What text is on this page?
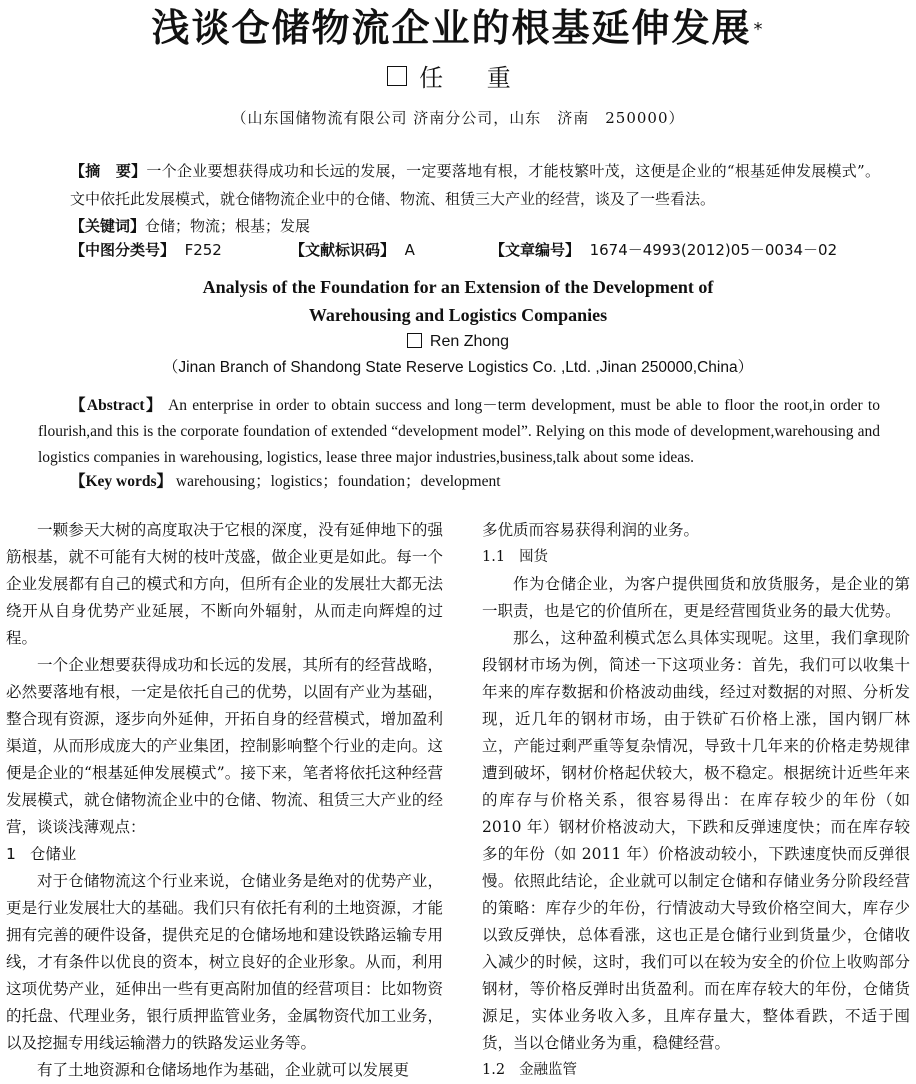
浅谈仓储物流企业的根基延伸发展 *
任 重
（山东国储物流有限公司 济南分公司，山东　济南　250000）
【摘　要】一个企业要想获得成功和长远的发展，一定要落地有根，才能枝繁叶茂，这便是企业的“根基延伸发展模式”。文中依托此发展模式，就仓储物流企业中的仓储、物流、租赁三大产业的经营，谈及了一些看法。
【关键词】仓储；物流；根基；发展
【中图分类号】 F252	【文献标识码】 A	【文章编号】 1674－4993(2012)05－0034－02
Analysis of the Foundation for an Extension of the Development of
Warehousing and Logistics Companies
Ren Zhong
（Jinan Branch of Shandong State Reserve Logistics Co. ,Ltd. ,Jinan 250000,China）
【Abstract】 An enterprise in order to obtain success and long－term development, must be able to floor the root,in order to flourish,and this is the corporate foundation of extended “development model”. Relying on this mode of development,warehousing and logistics companies in warehousing, logistics, lease three major industries,business,talk about some ideas.
【Key words】 warehousing；logistics；foundation；development

一颗参天大树的高度取决于它根的深度，没有延伸地下的强筋根基，就不可能有大树的枝叶茂盛，做企业更是如此。每一个企业发展都有自己的模式和方向，但所有企业的发展壮大都无法绕开从自身优势产业延展，不断向外辐射，从而走向辉煌的过程。

一个企业想要获得成功和长远的发展，其所有的经营战略，必然要落地有根，一定是依托自己的优势，以固有产业为基础，整合现有资源，逐步向外延伸，开拓自身的经营模式，增加盈利渠道，从而形成庞大的产业集团，控制影响整个行业的走向。这便是企业的“根基延伸发展模式”。接下来，笔者将依托这种经营发展模式，就仓储物流企业中的仓储、物流、租赁三大产业的经营，谈谈浅薄观点：

1 仓储业

对于仓储物流这个行业来说，仓储业务是绝对的优势产业，更是行业发展壮大的基础。我们只有依托有利的土地资源，才能拥有完善的硬件设备，提供充足的仓储场地和建设铁路运输专用线，才有条件以优良的资本，树立良好的企业形象。从而，利用这项优势产业，延伸出一些有更高附加值的经营项目：比如物资的托盘、代理业务，银行质押监管业务，金属物资代加工业务，以及挖掘专用线运输潜力的铁路发运业务等。

有了土地资源和仓储场地作为基础，企业就可以发展更

多优质而容易获得利润的业务。

1.1 囤货

作为仓储企业，为客户提供囤货和放货服务，是企业的第一职责，也是它的价值所在，更是经营囤货业务的最大优势。

那么，这种盈利模式怎么具体实现呢。这里，我们拿现阶段钢材市场为例，简述一下这项业务：首先，我们可以收集十年来的库存数据和价格波动曲线，经过对数据的对照、分析发现，近几年的钢材市场，由于铁矿石价格上涨，国内钢厂林立，产能过剩严重等复杂情况，导致十几年来的价格走势规律遭到破坏，钢材价格起伏较大，极不稳定。根据统计近些年来的库存与价格关系，很容易得出：在库存较少的年份（如 2010 年）钢材价格波动大，下跌和反弹速度快；而在库存较多的年份（如 2011 年）价格波动较小，下跌速度快而反弹很慢。依照此结论，企业就可以制定仓储和存储业务分阶段经营的策略：库存少的年份，行情波动大导致价格空间大，库存少以致反弹快，总体看涨，这也正是仓储行业到货量少，仓储收入减少的时候，这时，我们可以在较为安全的价位上收购部分钢材，等价格反弹时出货盈利。而在库存较大的年份，仓储货源足，实体业务收入多，且库存量大，整体看跌，不适于囤货，当以仓储业务为重，稳健经营。

1.2 金融监管
